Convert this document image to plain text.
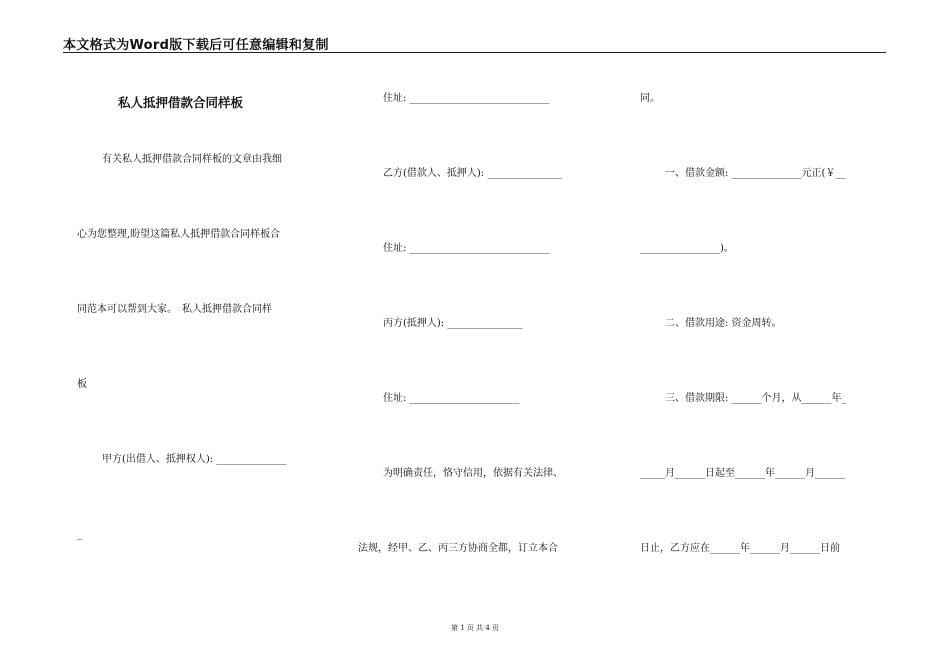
本文格式为Word版下载后可任意编辑和复制
私人抵押借款合同样板
有关私人抵押借款合同样板的文章由我细
心为您整理,盼望这篇私人抵押借款合同样板合
同范本可以帮到大家。　私人抵押借款合同样
板
甲方(出借人、抵押权人): ______________
_
住址: ____________________________
乙方(借款人、抵押人): _______________
住址: ____________________________
丙方(抵押人): _______________
住址: ______________________
为明确责任，恪守信用，依据有关法律、
法规，经甲、乙、丙三方协商全都，订立本合
同。
一、借款金额: ______________元正(￥__
________________)。
二、借款用途: 资金周转。
三、借款期限: ______个月，从______年_
_____月______日起至______年______月______
日止，乙方应在______年______月______日前
第 1 页 共 4 页
